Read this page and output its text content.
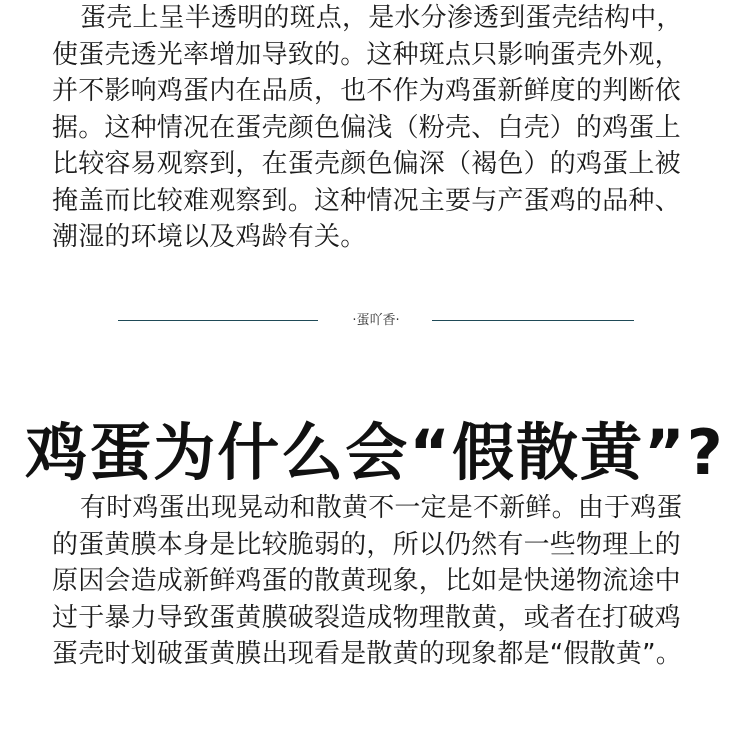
蛋壳上呈半透明的斑点，是水分渗透到蛋壳结构中，
使蛋壳透光率增加导致的。这种斑点只影响蛋壳外观，
并不影响鸡蛋内在品质，也不作为鸡蛋新鲜度的判断依
据。这种情况在蛋壳颜色偏浅（粉壳、白壳）的鸡蛋上
比较容易观察到，在蛋壳颜色偏深（褐色）的鸡蛋上被
掩盖而比较难观察到。这种情况主要与产蛋鸡的品种、
潮湿的环境以及鸡龄有关。
·蛋吖香·
鸡蛋为什么会“假散黄”?
有时鸡蛋出现晃动和散黄不一定是不新鲜。由于鸡蛋
的蛋黄膜本身是比较脆弱的，所以仍然有一些物理上的
原因会造成新鲜鸡蛋的散黄现象，比如是快递物流途中
过于暴力导致蛋黄膜破裂造成物理散黄，或者在打破鸡
蛋壳时划破蛋黄膜出现看是散黄的现象都是“假散黄”。
